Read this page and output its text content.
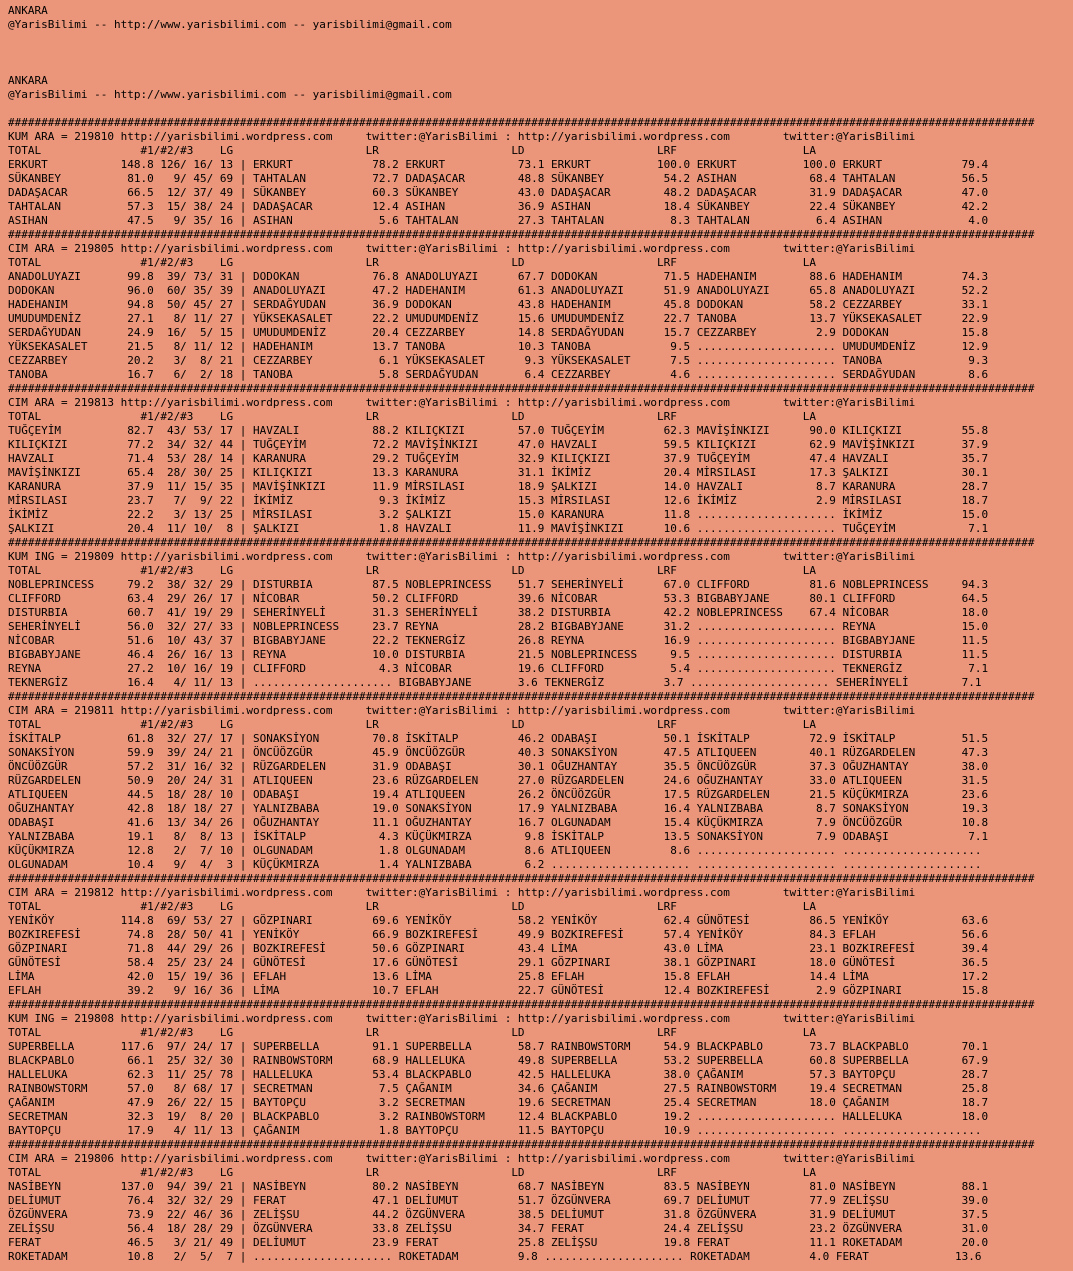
ANKARA
@YarisBilimi -- http://www.yarisbilimi.com -- yarisbilimi@gmail.com
ANKARA
@YarisBilimi -- http://www.yarisbilimi.com -- yarisbilimi@gmail.com
###########################################################################################################################################################
KUM ARA = 219810 http://yarisbilimi.wordpress.com     twitter:@YarisBilimi : http://yarisbilimi.wordpress.com        twitter:@YarisBilimi
TOTAL               #1/#2/#3    LG                    LR                    LD                    LRF                   LA
ERKURT           148.8 126/ 16/ 13 | ERKURT            78.2 ERKURT           73.1 ERKURT          100.0 ERKURT          100.0 ERKURT            79.4
SÜKANBEY          81.0   9/ 45/ 69 | TAHTALAN          72.7 DADAŞACAR        48.8 SÜKANBEY         54.2 ASIHAN           68.4 TAHTALAN          56.5
DADAŞACAR         66.5  12/ 37/ 49 | SÜKANBEY          60.3 SÜKANBEY         43.0 DADAŞACAR        48.2 DADAŞACAR        31.9 DADAŞACAR         47.0
TAHTALAN          57.3  15/ 38/ 24 | DADAŞACAR         12.4 ASIHAN           36.9 ASIHAN           18.4 SÜKANBEY         22.4 SÜKANBEY          42.2
ASIHAN            47.5   9/ 35/ 16 | ASIHAN             5.6 TAHTALAN         27.3 TAHTALAN          8.3 TAHTALAN          6.4 ASIHAN             4.0
###########################################################################################################################################################
CIM ARA = 219805 http://yarisbilimi.wordpress.com     twitter:@YarisBilimi : http://yarisbilimi.wordpress.com        twitter:@YarisBilimi
TOTAL               #1/#2/#3    LG                    LR                    LD                    LRF                   LA
ANADOLUYAZI       99.8  39/ 73/ 31 | DODOKAN           76.8 ANADOLUYAZI      67.7 DODOKAN          71.5 HADEHANIM        88.6 HADEHANIM         74.3
DODOKAN           96.0  60/ 35/ 39 | ANADOLUYAZI       47.2 HADEHANIM        61.3 ANADOLUYAZI      51.9 ANADOLUYAZI      65.8 ANADOLUYAZI       52.2
HADEHANIM         94.8  50/ 45/ 27 | SERDAĞYUDAN       36.9 DODOKAN          43.8 HADEHANIM        45.8 DODOKAN          58.2 CEZZARBEY         33.1
UMUDUMDENİZ       27.1   8/ 11/ 27 | YÜKSEKASALET      22.2 UMUDUMDENİZ      15.6 UMUDUMDENİZ      22.7 TANOBA           13.7 YÜKSEKASALET      22.9
SERDAĞYUDAN       24.9  16/  5/ 15 | UMUDUMDENİZ       20.4 CEZZARBEY        14.8 SERDAĞYUDAN      15.7 CEZZARBEY         2.9 DODOKAN           15.8
YÜKSEKASALET      21.5   8/ 11/ 12 | HADEHANIM         13.7 TANOBA           10.3 TANOBA            9.5 ..................... UMUDUMDENİZ       12.9
CEZZARBEY         20.2   3/  8/ 21 | CEZZARBEY          6.1 YÜKSEKASALET      9.3 YÜKSEKASALET      7.5 ..................... TANOBA             9.3
TANOBA            16.7   6/  2/ 18 | TANOBA             5.8 SERDAĞYUDAN       6.4 CEZZARBEY         4.6 ..................... SERDAĞYUDAN        8.6
###########################################################################################################################################################
CIM ARA = 219813 http://yarisbilimi.wordpress.com     twitter:@YarisBilimi : http://yarisbilimi.wordpress.com        twitter:@YarisBilimi
TOTAL               #1/#2/#3    LG                    LR                    LD                    LRF                   LA
TUĞÇEYİM          82.7  43/ 53/ 17 | HAVZALI           88.2 KILIÇKIZI        57.0 TUĞÇEYİM         62.3 MAVİŞİNKIZI      90.0 KILIÇKIZI         55.8
KILIÇKIZI         77.2  34/ 32/ 44 | TUĞÇEYİM          72.2 MAVİŞİNKIZI      47.0 HAVZALI          59.5 KILIÇKIZI        62.9 MAVİŞİNKIZI       37.9
HAVZALI           71.4  53/ 28/ 14 | KARANURA          29.2 TUĞÇEYİM         32.9 KILIÇKIZI        37.9 TUĞÇEYİM         47.4 HAVZALI           35.7
MAVİŞİNKIZI       65.4  28/ 30/ 25 | KILIÇKIZI         13.3 KARANURA         31.1 İKİMİZ           20.4 MİRSILASI        17.3 ŞALKIZI           30.1
KARANURA          37.9  11/ 15/ 35 | MAVİŞİNKIZI       11.9 MİRSILASI        18.9 ŞALKIZI          14.0 HAVZALI           8.7 KARANURA          28.7
MİRSILASI         23.7   7/  9/ 22 | İKİMİZ             9.3 İKİMİZ           15.3 MİRSILASI        12.6 İKİMİZ            2.9 MİRSILASI         18.7
İKİMİZ            22.2   3/ 13/ 25 | MİRSILASI          3.2 ŞALKIZI          15.0 KARANURA         11.8 ..................... İKİMİZ            15.0
ŞALKIZI           20.4  11/ 10/  8 | ŞALKIZI            1.8 HAVZALI          11.9 MAVİŞİNKIZI      10.6 ..................... TUĞÇEYİM           7.1
###########################################################################################################################################################
KUM ING = 219809 http://yarisbilimi.wordpress.com     twitter:@YarisBilimi : http://yarisbilimi.wordpress.com        twitter:@YarisBilimi
TOTAL               #1/#2/#3    LG                    LR                    LD                    LRF                   LA
NOBLEPRINCESS     79.2  38/ 32/ 29 | DISTURBIA         87.5 NOBLEPRINCESS    51.7 SEHERİNYELİ      67.0 CLIFFORD         81.6 NOBLEPRINCESS     94.3
CLIFFORD          63.4  29/ 26/ 17 | NİCOBAR           50.2 CLIFFORD         39.6 NİCOBAR          53.3 BIGBABYJANE      80.1 CLIFFORD          64.5
DISTURBIA         60.7  41/ 19/ 29 | SEHERİNYELİ       31.3 SEHERİNYELİ      38.2 DISTURBIA        42.2 NOBLEPRINCESS    67.4 NİCOBAR           18.0
SEHERİNYELİ       56.0  32/ 27/ 33 | NOBLEPRINCESS     23.7 REYNA            28.2 BIGBABYJANE      31.2 ..................... REYNA             15.0
NİCOBAR           51.6  10/ 43/ 37 | BIGBABYJANE       22.2 TEKNERGİZ        26.8 REYNA            16.9 ..................... BIGBABYJANE       11.5
BIGBABYJANE       46.4  26/ 16/ 13 | REYNA             10.0 DISTURBIA        21.5 NOBLEPRINCESS     9.5 ..................... DISTURBIA         11.5
REYNA             27.2  10/ 16/ 19 | CLIFFORD           4.3 NİCOBAR          19.6 CLIFFORD          5.4 ..................... TEKNERGİZ          7.1
TEKNERGİZ         16.4   4/ 11/ 13 | ..................... BIGBABYJANE       3.6 TEKNERGİZ         3.7 ..................... SEHERİNYELİ        7.1
###########################################################################################################################################################
CIM ARA = 219811 http://yarisbilimi.wordpress.com     twitter:@YarisBilimi : http://yarisbilimi.wordpress.com        twitter:@YarisBilimi
TOTAL               #1/#2/#3    LG                    LR                    LD                    LRF                   LA
İSKİTALP          61.8  32/ 27/ 17 | SONAKSİYON        70.8 İSKİTALP         46.2 ODABAŞI          50.1 İSKİTALP         72.9 İSKİTALP          51.5
SONAKSİYON        59.9  39/ 24/ 21 | ÖNCÜÖZGÜR         45.9 ÖNCÜÖZGÜR        40.3 SONAKSİYON       47.5 ATLIQUEEN        40.1 RÜZGARDELEN       47.3
ÖNCÜÖZGÜR         57.2  31/ 16/ 32 | RÜZGARDELEN       31.9 ODABAŞI          30.1 OĞUZHANTAY       35.5 ÖNCÜÖZGÜR        37.3 OĞUZHANTAY        38.0
RÜZGARDELEN       50.9  20/ 24/ 31 | ATLIQUEEN         23.6 RÜZGARDELEN      27.0 RÜZGARDELEN      24.6 OĞUZHANTAY       33.0 ATLIQUEEN         31.5
ATLIQUEEN         44.5  18/ 28/ 10 | ODABAŞI           19.4 ATLIQUEEN        26.2 ÖNCÜÖZGÜR        17.5 RÜZGARDELEN      21.5 KÜÇÜKMIRZA        23.6
OĞUZHANTAY        42.8  18/ 18/ 27 | YALNIZBABA        19.0 SONAKSİYON       17.9 YALNIZBABA       16.4 YALNIZBABA        8.7 SONAKSİYON        19.3
ODABAŞI           41.6  13/ 34/ 26 | OĞUZHANTAY        11.1 OĞUZHANTAY       16.7 OLGUNADAM        15.4 KÜÇÜKMIRZA        7.9 ÖNCÜÖZGÜR         10.8
YALNIZBABA        19.1   8/  8/ 13 | İSKİTALP           4.3 KÜÇÜKMIRZA        9.8 İSKİTALP         13.5 SONAKSİYON        7.9 ODABAŞI            7.1
KÜÇÜKMIRZA        12.8   2/  7/ 10 | OLGUNADAM          1.8 OLGUNADAM         8.6 ATLIQUEEN         8.6 ..................... .....................
OLGUNADAM         10.4   9/  4/  3 | KÜÇÜKMIRZA         1.4 YALNIZBABA        6.2 ..................... ..................... .....................
###########################################################################################################################################################
CIM ARA = 219812 http://yarisbilimi.wordpress.com     twitter:@YarisBilimi : http://yarisbilimi.wordpress.com        twitter:@YarisBilimi
TOTAL               #1/#2/#3    LG                    LR                    LD                    LRF                   LA
YENİKÖY          114.8  69/ 53/ 27 | GÖZPINARI         69.6 YENİKÖY          58.2 YENİKÖY          62.4 GÜNÖTESİ         86.5 YENİKÖY           63.6
BOZKIREFESİ       74.8  28/ 50/ 41 | YENİKÖY           66.9 BOZKIREFESİ      49.9 BOZKIREFESİ      57.4 YENİKÖY          84.3 EFLAH             56.6
GÖZPINARI         71.8  44/ 29/ 26 | BOZKIREFESİ       50.6 GÖZPINARI        43.4 LİMA             43.0 LİMA             23.1 BOZKIREFESİ       39.4
GÜNÖTESİ          58.4  25/ 23/ 24 | GÜNÖTESİ          17.6 GÜNÖTESİ         29.1 GÖZPINARI        38.1 GÖZPINARI        18.0 GÜNÖTESİ          36.5
LİMA              42.0  15/ 19/ 36 | EFLAH             13.6 LİMA             25.8 EFLAH            15.8 EFLAH            14.4 LİMA              17.2
EFLAH             39.2   9/ 16/ 36 | LİMA              10.7 EFLAH            22.7 GÜNÖTESİ         12.4 BOZKIREFESİ       2.9 GÖZPINARI         15.8
###########################################################################################################################################################
KUM ING = 219808 http://yarisbilimi.wordpress.com     twitter:@YarisBilimi : http://yarisbilimi.wordpress.com        twitter:@YarisBilimi
TOTAL               #1/#2/#3    LG                    LR                    LD                    LRF                   LA
SUPERBELLA       117.6  97/ 24/ 17 | SUPERBELLA        91.1 SUPERBELLA       58.7 RAINBOWSTORM     54.9 BLACKPABLO       73.7 BLACKPABLO        70.1
BLACKPABLO        66.1  25/ 32/ 30 | RAINBOWSTORM      68.9 HALLELUKA        49.8 SUPERBELLA       53.2 SUPERBELLA       60.8 SUPERBELLA        67.9
HALLELUKA         62.3  11/ 25/ 78 | HALLELUKA         53.4 BLACKPABLO       42.5 HALLELUKA        38.0 ÇAĞANIM          57.3 BAYTOPÇU          28.7
RAINBOWSTORM      57.0   8/ 68/ 17 | SECRETMAN          7.5 ÇAĞANIM          34.6 ÇAĞANIM          27.5 RAINBOWSTORM     19.4 SECRETMAN         25.8
ÇAĞANIM           47.9  26/ 22/ 15 | BAYTOPÇU           3.2 SECRETMAN        19.6 SECRETMAN        25.4 SECRETMAN        18.0 ÇAĞANIM           18.7
SECRETMAN         32.3  19/  8/ 20 | BLACKPABLO         3.2 RAINBOWSTORM     12.4 BLACKPABLO       19.2 ..................... HALLELUKA         18.0
BAYTOPÇU          17.9   4/ 11/ 13 | ÇAĞANIM            1.8 BAYTOPÇU         11.5 BAYTOPÇU         10.9 ..................... .....................
###########################################################################################################################################################
CIM ARA = 219806 http://yarisbilimi.wordpress.com     twitter:@YarisBilimi : http://yarisbilimi.wordpress.com        twitter:@YarisBilimi
TOTAL               #1/#2/#3    LG                    LR                    LD                    LRF                   LA
NASİBEYN         137.0  94/ 39/ 21 | NASİBEYN          80.2 NASİBEYN         68.7 NASİBEYN         83.5 NASİBEYN         81.0 NASİBEYN          88.1
DELİUMUT          76.4  32/ 32/ 29 | FERAT             47.1 DELİUMUT         51.7 ÖZGÜNVERA        69.7 DELİUMUT         77.9 ZELİŞSU           39.0
ÖZGÜNVERA         73.9  22/ 46/ 36 | ZELİŞSU           44.2 ÖZGÜNVERA        38.5 DELİUMUT         31.8 ÖZGÜNVERA        31.9 DELİUMUT          37.5
ZELİŞSU           56.4  18/ 28/ 29 | ÖZGÜNVERA         33.8 ZELİŞSU          34.7 FERAT            24.4 ZELİŞSU          23.2 ÖZGÜNVERA         31.0
FERAT             46.5   3/ 21/ 49 | DELİUMUT          23.9 FERAT            25.8 ZELİŞSU          19.8 FERAT            11.1 ROKETADAM         20.0
ROKETADAM         10.8   2/  5/  7 | ..................... ROKETADAM         9.8 ..................... ROKETADAM         4.0 FERAT             13.6
